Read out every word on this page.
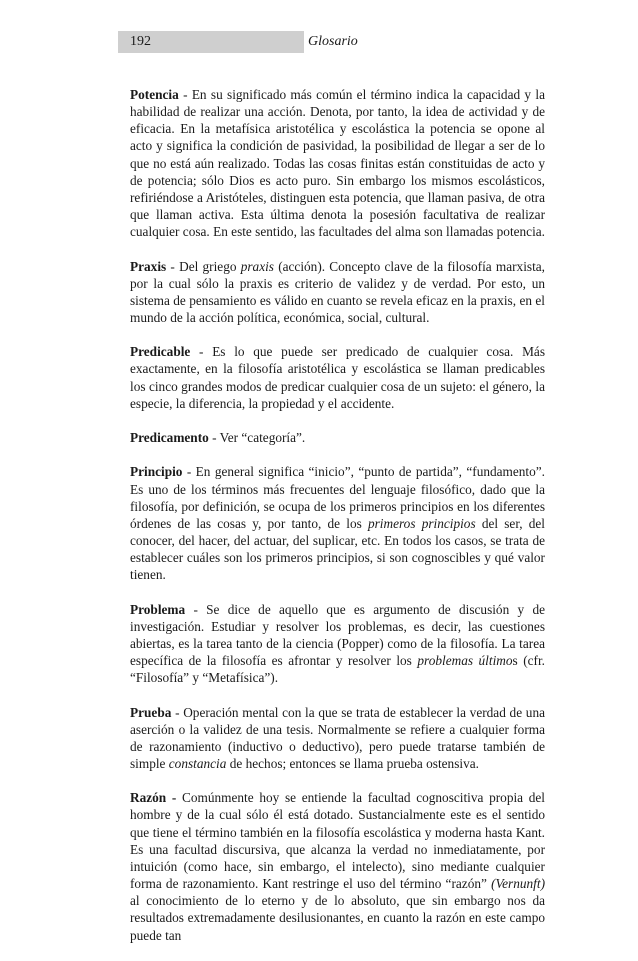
192	Glosario

Potencia - En su significado más común el término indica la capacidad y la habilidad de realizar una acción. Denota, por tanto, la idea de actividad y de eficacia. En la metafísica aristotélica y escolástica la potencia se opone al acto y significa la condición de pasividad, la posibilidad de llegar a ser de lo que no está aún realizado. Todas las cosas finitas están constituidas de acto y de potencia; sólo Dios es acto puro. Sin embargo los mismos escolásticos, refiriéndose a Aristóteles, distinguen esta potencia, que llaman pasiva, de otra que llaman activa. Esta última denota la posesión facultativa de realizar cualquier cosa. En este sentido, las facultades del alma son llamadas potencia.

Praxis - Del griego praxis (acción). Concepto clave de la filosofía marxista, por la cual sólo la praxis es criterio de validez y de verdad. Por esto, un sistema de pensamiento es válido en cuanto se revela eficaz en la praxis, en el mundo de la acción política, económica, social, cultural.

Predicable - Es lo que puede ser predicado de cualquier cosa. Más exactamente, en la filosofía aristotélica y escolástica se llaman predicables los cinco grandes modos de predicar cualquier cosa de un sujeto: el género, la especie, la diferencia, la propiedad y el accidente.

Predicamento - Ver “categoría”.

Principio - En general significa “inicio”, “punto de partida”, “fundamento”. Es uno de los términos más frecuentes del lenguaje filosófico, dado que la filosofía, por definición, se ocupa de los primeros principios en los diferentes órdenes de las cosas y, por tanto, de los primeros principios del ser, del conocer, del hacer, del actuar, del suplicar, etc. En todos los casos, se trata de establecer cuáles son los primeros principios, si son cognoscibles y qué valor tienen.

Problema - Se dice de aquello que es argumento de discusión y de investigación. Estudiar y resolver los problemas, es decir, las cuestiones abiertas, es la tarea tanto de la ciencia (Popper) como de la filosofía. La tarea específica de la filosofía es afrontar y resolver los problemas últimos (cfr. “Filosofía” y “Metafísica”).

Prueba - Operación mental con la que se trata de establecer la verdad de una aserción o la validez de una tesis. Normalmente se refiere a cualquier forma de razonamiento (inductivo o deductivo), pero puede tratarse también de simple constancia de hechos; entonces se llama prueba ostensiva.

Razón - Comúnmente hoy se entiende la facultad cognoscitiva propia del hombre y de la cual sólo él está dotado. Sustancialmente este es el sentido que tiene el término también en la filosofía escolástica y moderna hasta Kant. Es una facultad discursiva, que alcanza la verdad no inmediatamente, por intuición (como hace, sin embargo, el intelecto), sino mediante cualquier forma de razonamiento. Kant restringe el uso del término “razón” (Vernunft) al conocimiento de lo eterno y de lo absoluto, que sin embargo nos da resultados extremadamente desilusionantes, en cuanto la razón en este campo puede tan
